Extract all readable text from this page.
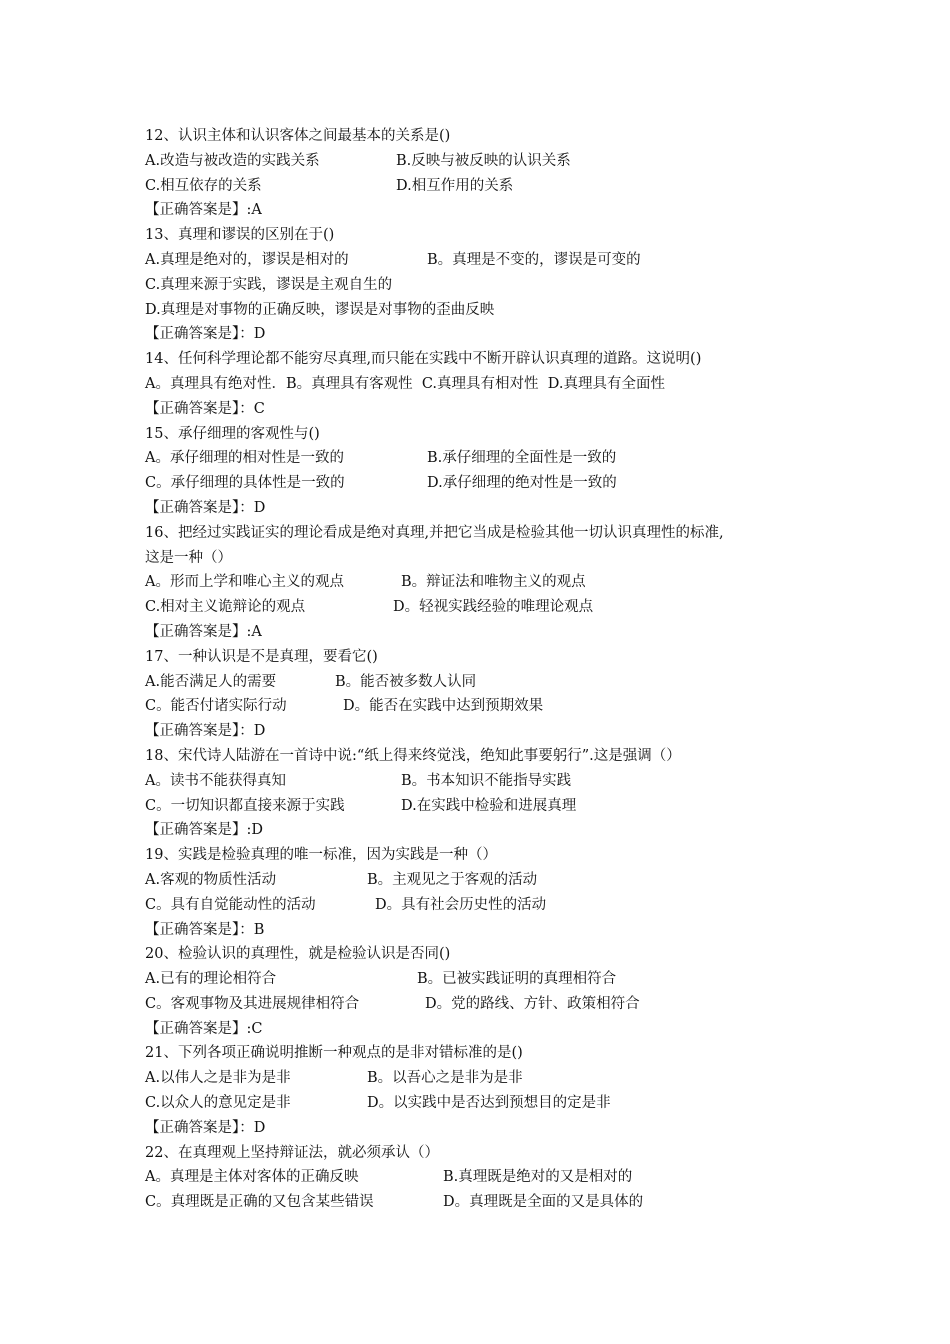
12、认识主体和认识客体之间最基本的关系是()

A.改造与被改造的实践关系

	B.反映与被反映的认识关系

C.相互依存的关系

	D.相互作用的关系

【正确答案是】:A
13、真理和谬误的区别在于()

A.真理是绝对的，谬误是相对的

	B。真理是不变的，谬误是可变的

C.真理来源于实践，谬误是主观自生的
D.真理是对事物的正确反映，谬误是对事物的歪曲反映
【正确答案是】：D
14、任何科学理论都不能穷尽真理,而只能在实践中不断开辟认识真理的道路。这说明()
A。真理具有绝对性．B。真理具有客观性  C.真理具有相对性  D.真理具有全面性
【正确答案是】：C
15、承仔细理的客观性与()

A。承仔细理的相对性是一致的

	B.承仔细理的全面性是一致的

C。承仔细理的具体性是一致的

	D.承仔细理的绝对性是一致的

【正确答案是】：D
16、把经过实践证实的理论看成是绝对真理,并把它当成是检验其他一切认识真理性的标准,
这是一种（）

A。形而上学和唯心主义的观点

	B。辩证法和唯物主义的观点

C.相对主义诡辩论的观点

	D。轻视实践经验的唯理论观点

【正确答案是】:A
17、一种认识是不是真理，要看它()

A.能否满足人的需要

	B。能否被多数人认同

C。能否付诸实际行动

	D。能否在实践中达到预期效果

【正确答案是】：D
18、宋代诗人陆游在一首诗中说:“纸上得来终觉浅，绝知此事要躬行”.这是强调（）

A。读书不能获得真知

	B。书本知识不能指导实践

C。一切知识都直接来源于实践

	D.在实践中检验和进展真理

【正确答案是】:D
19、实践是检验真理的唯一标准，因为实践是一种（）

A.客观的物质性活动

	B。主观见之于客观的活动

C。具有自觉能动性的活动

	D。具有社会历史性的活动

【正确答案是】：B
20、检验认识的真理性，就是检验认识是否同()

A.已有的理论相符合

	B。已被实践证明的真理相符合

C。客观事物及其进展规律相符合

	D。党的路线、方针、政策相符合

【正确答案是】:C
21、下列各项正确说明推断一种观点的是非对错标准的是()

A.以伟人之是非为是非

	B。以吾心之是非为是非

C.以众人的意见定是非

	D。以实践中是否达到预想目的定是非

【正确答案是】：D
22、在真理观上坚持辩证法，就必须承认（）

A。真理是主体对客体的正确反映

	B.真理既是绝对的又是相对的

C。真理既是正确的又包含某些错误

	D。真理既是全面的又是具体的
